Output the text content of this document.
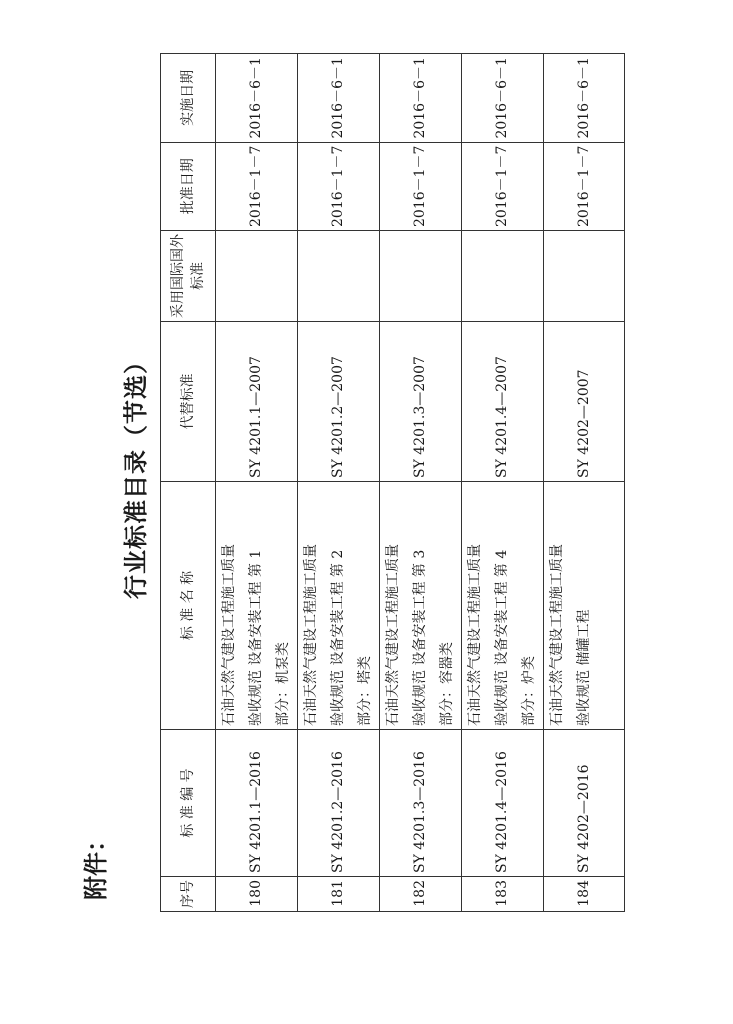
附件：
行业标准目录（节选）
序号	标 准 编 号	标 准 名 称	代替标准	采用国际国外标准	批准日期	实施日期
180	SY 4201.1—2016	石油天然气建设工程施工质量 验收规范 设备安装工程 第 1 部分：机泵类	SY 4201.1—2007		2016－1－7	2016－6－1
181	SY 4201.2—2016	石油天然气建设工程施工质量 验收规范 设备安装工程 第 2 部分：塔类	SY 4201.2—2007		2016－1－7	2016－6－1
182	SY 4201.3—2016	石油天然气建设工程施工质量 验收规范 设备安装工程 第 3 部分：容器类	SY 4201.3—2007		2016－1－7	2016－6－1
183	SY 4201.4—2016	石油天然气建设工程施工质量 验收规范 设备安装工程 第 4 部分：炉类	SY 4201.4—2007		2016－1－7	2016－6－1
184	SY 4202—2016	石油天然气建设工程施工质量 验收规范 储罐工程	SY 4202—2007		2016－1－7	2016－6－1
